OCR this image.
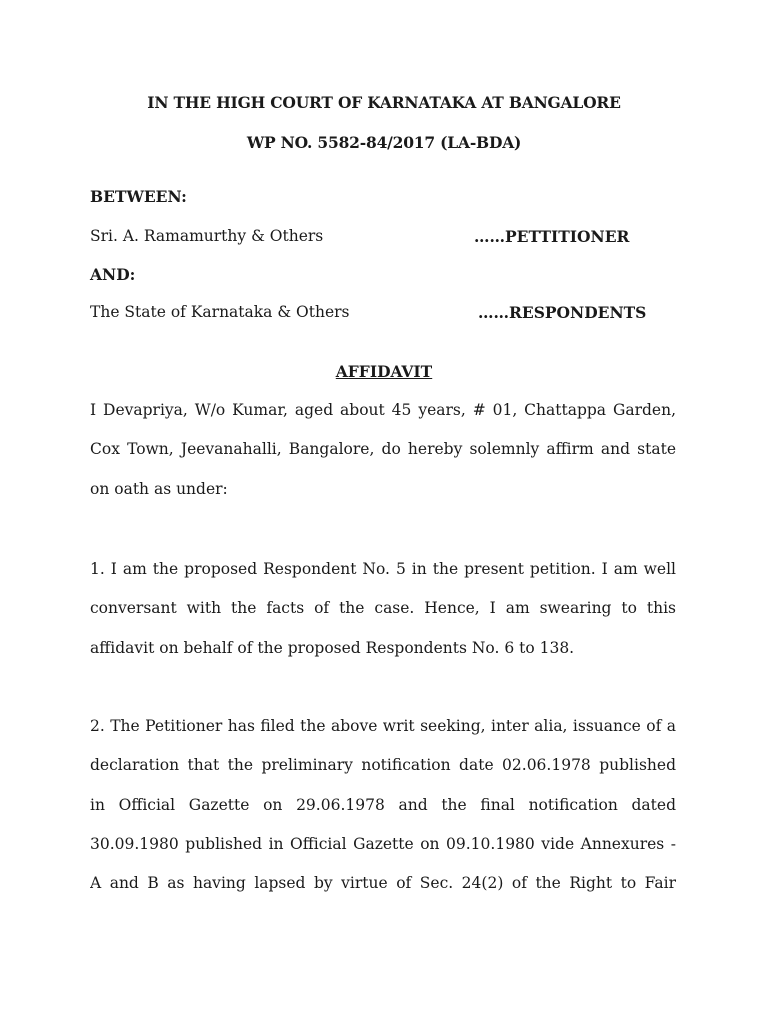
IN THE HIGH COURT OF KARNATAKA AT BANGALORE
WP NO. 5582-84/2017 (LA-BDA)
BETWEEN:
Sri. A. Ramamurthy & Others	……PETTITIONER
AND:
The State of Karnataka & Others	……RESPONDENTS
AFFIDAVIT
I Devapriya, W/o Kumar, aged about 45 years, # 01, Chattappa Garden,
Cox Town, Jeevanahalli, Bangalore, do hereby solemnly affirm and state
on oath as under:
1. I am the proposed Respondent No. 5 in the present petition. I am well
conversant with the facts of the case. Hence, I am swearing to this
affidavit on behalf of the proposed Respondents No. 6 to 138.
2. The Petitioner has filed the above writ seeking, inter alia, issuance of a
declaration that the preliminary notification date 02.06.1978 published
in Official Gazette on 29.06.1978 and the final notification dated
30.09.1980 published in Official Gazette on 09.10.1980 vide Annexures -
A and B as having lapsed by virtue of Sec. 24(2) of the Right to Fair
